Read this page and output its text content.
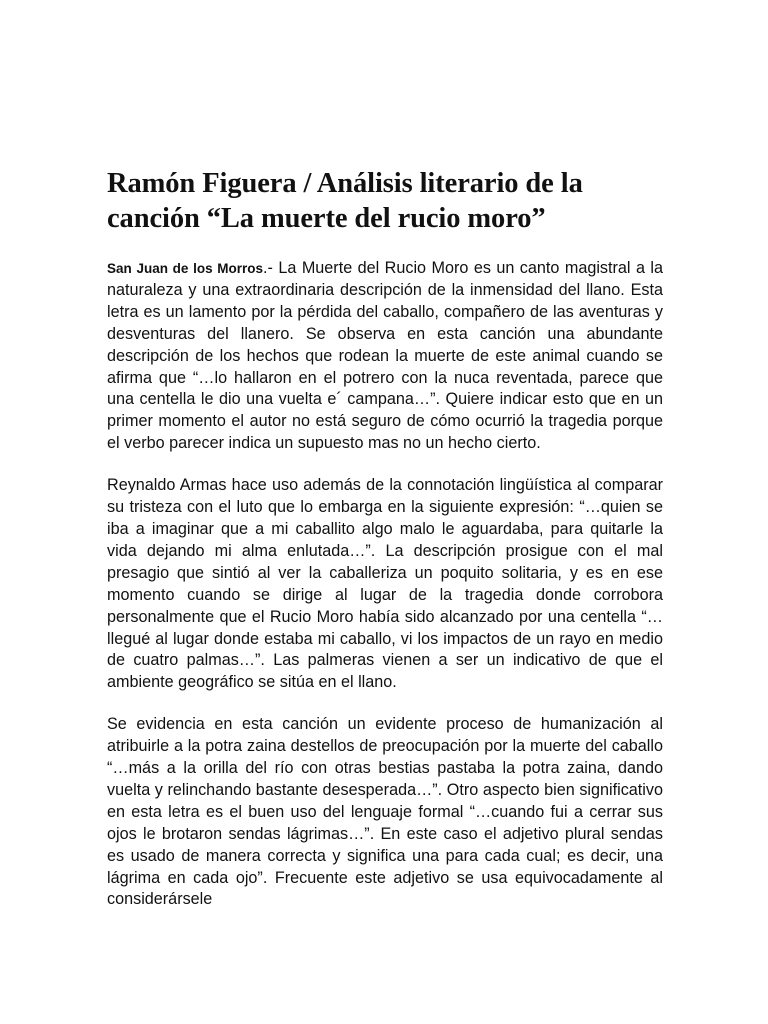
Ramón Figuera / Análisis literario de la canción “La muerte del rucio moro”

San Juan de los Morros.- La Muerte del Rucio Moro es un canto magistral a la naturaleza y una extraordinaria descripción de la inmensidad del llano. Esta letra es un lamento por la pérdida del caballo, compañero de las aventuras y desventuras del llanero. Se observa en esta canción una abundante descripción de los hechos que rodean la muerte de este animal cuando se afirma que “…lo hallaron en el potrero con la nuca reventada, parece que una centella le dio una vuelta e´ campana…”. Quiere indicar esto que en un primer momento el autor no está seguro de cómo ocurrió la tragedia porque el verbo parecer indica un supuesto mas no un hecho cierto.

Reynaldo Armas hace uso además de la connotación lingüística al comparar su tristeza con el luto que lo embarga en la siguiente expresión: “…quien se iba a imaginar que a mi caballito algo malo le aguardaba, para quitarle la vida dejando mi alma enlutada…”. La descripción prosigue con el mal presagio que sintió al ver la caballeriza un poquito solitaria, y es en ese momento cuando se dirige al lugar de la tragedia donde corrobora personalmente que el Rucio Moro había sido alcanzado por una centella “…llegué al lugar donde estaba mi caballo, vi los impactos de un rayo en medio de cuatro palmas…”. Las palmeras vienen a ser un indicativo de que el ambiente geográfico se sitúa en el llano.

Se evidencia en esta canción un evidente proceso de humanización al atribuirle a la potra zaina destellos de preocupación por la muerte del caballo “…más a la orilla del río con otras bestias pastaba la potra zaina, dando vuelta y relinchando bastante desesperada…”. Otro aspecto bien significativo en esta letra es el buen uso del lenguaje formal “…cuando fui a cerrar sus ojos le brotaron sendas lágrimas…”. En este caso el adjetivo plural sendas es usado de manera correcta y significa una para cada cual; es decir, una lágrima en cada ojo”. Frecuente este adjetivo se usa equivocadamente al considerársele
